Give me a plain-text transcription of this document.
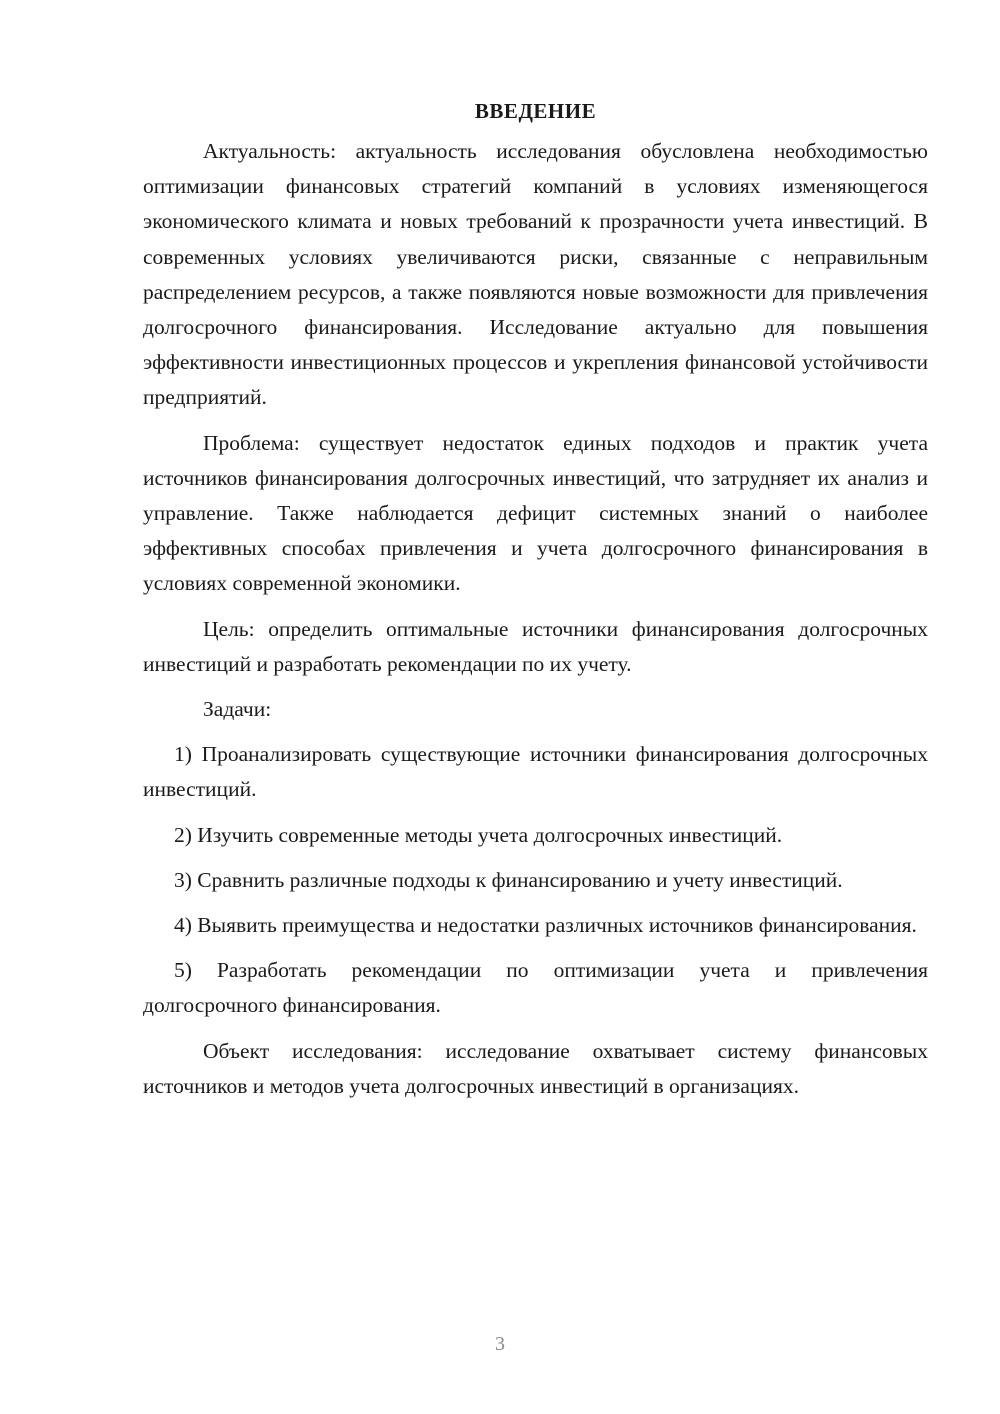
ВВЕДЕНИЕ

Актуальность: актуальность исследования обусловлена необходимостью оптимизации финансовых стратегий компаний в условиях изменяющегося экономического климата и новых требований к прозрачности учета инвестиций. В современных условиях увеличиваются риски, связанные с неправильным распределением ресурсов, а также появляются новые возможности для привлечения долгосрочного финансирования. Исследование актуально для повышения эффективности инвестиционных процессов и укрепления финансовой устойчивости предприятий.

Проблема: существует недостаток единых подходов и практик учета источников финансирования долгосрочных инвестиций, что затрудняет их анализ и управление. Также наблюдается дефицит системных знаний о наиболее эффективных способах привлечения и учета долгосрочного финансирования в условиях современной экономики.

Цель: определить оптимальные источники финансирования долгосрочных инвестиций и разработать рекомендации по их учету.

Задачи:

1) Проанализировать существующие источники финансирования долгосрочных инвестиций.

2) Изучить современные методы учета долгосрочных инвестиций.

3) Сравнить различные подходы к финансированию и учету инвестиций.

4) Выявить преимущества и недостатки различных источников финансирования.

5) Разработать рекомендации по оптимизации учета и привлечения долгосрочного финансирования.

Объект исследования: исследование охватывает систему финансовых источников и методов учета долгосрочных инвестиций в организациях.

3
